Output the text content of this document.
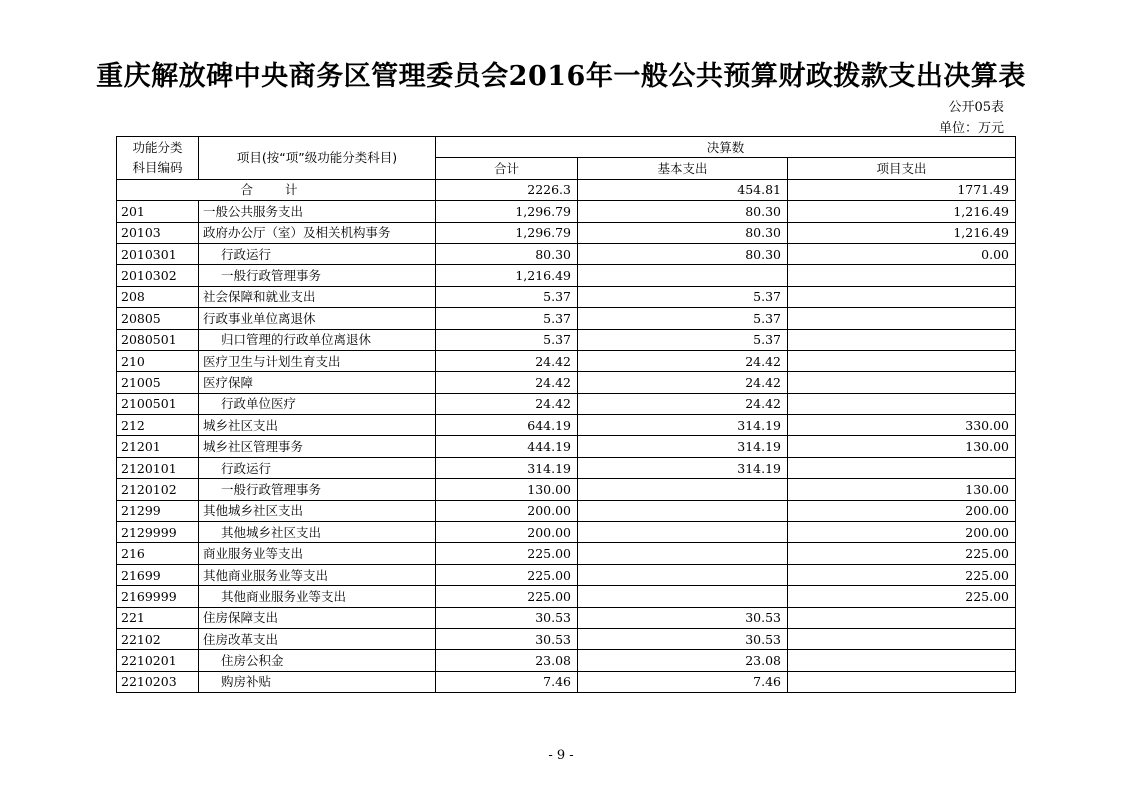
重庆解放碑中央商务区管理委员会2016年一般公共预算财政拨款支出决算表
公开05表
单位：万元
功能分类
科目编码	项目(按“项”级功能分类科目)	决算数		
		合计	基本支出	项目支出
合 计		2226.3	454.81	1771.49
201	一般公共服务支出	1,296.79	80.30	1,216.49
20103	政府办公厅（室）及相关机构事务	1,296.79	80.30	1,216.49
2010301	行政运行	80.30	80.30	0.00
2010302	一般行政管理事务	1,216.49		
208	社会保障和就业支出	5.37	5.37	
20805	行政事业单位离退休	5.37	5.37	
2080501	归口管理的行政单位离退休	5.37	5.37	
210	医疗卫生与计划生育支出	24.42	24.42	
21005	医疗保障	24.42	24.42	
2100501	行政单位医疗	24.42	24.42	
212	城乡社区支出	644.19	314.19	330.00
21201	城乡社区管理事务	444.19	314.19	130.00
2120101	行政运行	314.19	314.19	
2120102	一般行政管理事务	130.00		130.00
21299	其他城乡社区支出	200.00		200.00
2129999	其他城乡社区支出	200.00		200.00
216	商业服务业等支出	225.00		225.00
21699	其他商业服务业等支出	225.00		225.00
2169999	其他商业服务业等支出	225.00		225.00
221	住房保障支出	30.53	30.53	
22102	住房改革支出	30.53	30.53	
2210201	住房公积金	23.08	23.08	
2210203	购房补贴	7.46	7.46	
- 9 -
